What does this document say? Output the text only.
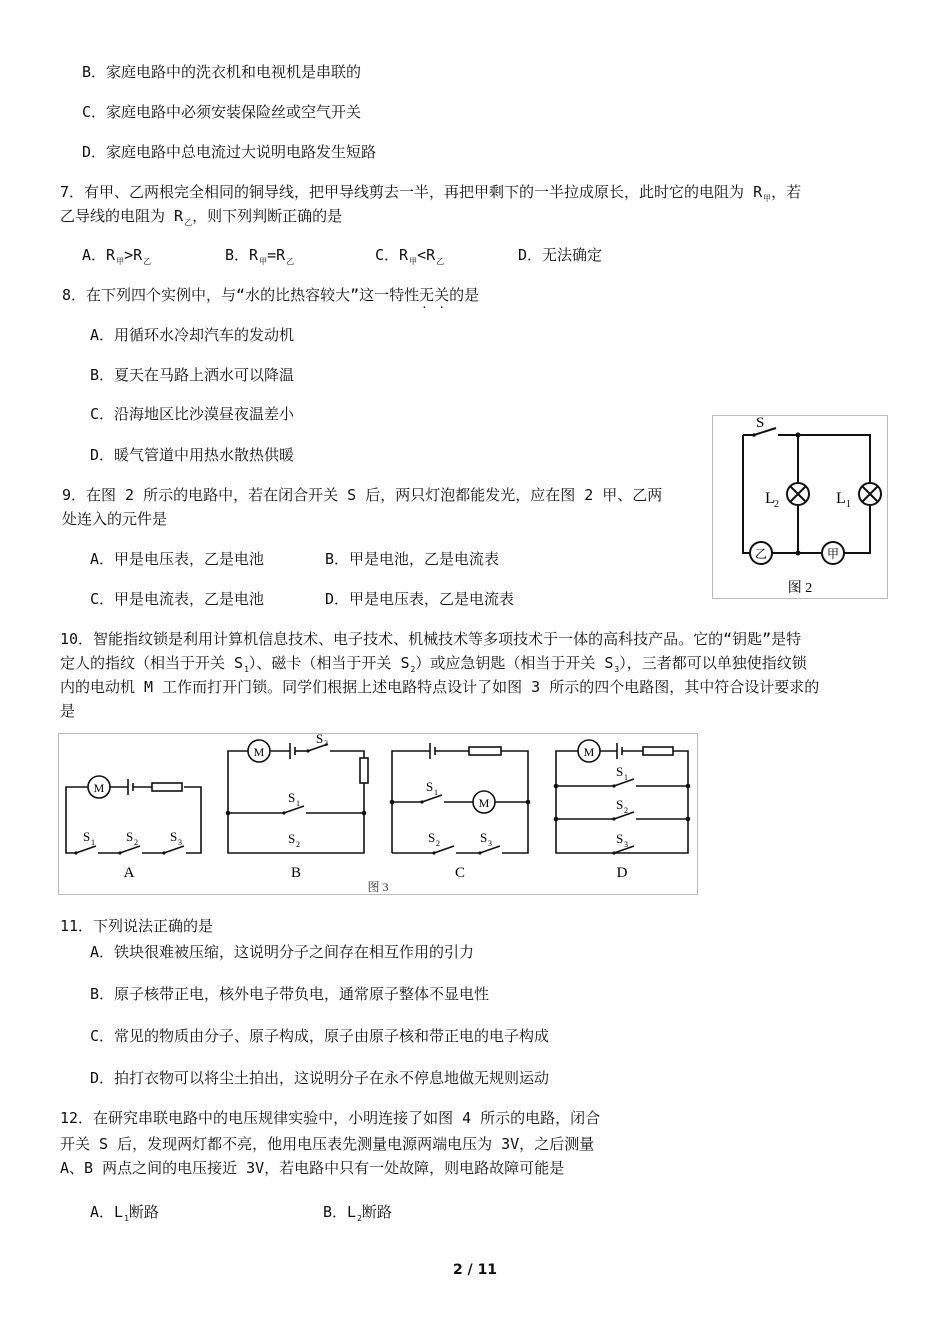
B．家庭电路中的洗衣机和电视机是串联的
C．家庭电路中必须安装保险丝或空气开关
D．家庭电路中总电流过大说明电路发生短路
7．有甲、乙两根完全相同的铜导线，把甲导线剪去一半，再把甲剩下的一半拉成原长，此时它的电阻为 $R_甲$，若
乙导线的电阻为 $R_乙$，则下列判断正确的是
A．$R_甲>R_乙$	B．$R_甲=R_乙$	C．$R_甲<R_乙$	D．无法确定
8．在下列四个实例中，与“水的比热容较大”这一特性无关 · ·的是
A．用循环水冷却汽车的发动机
B．夏天在马路上洒水可以降温
C．沿海地区比沙漠昼夜温差小
D．暖气管道中用热水散热供暖
9．在图 2 所示的电路中，若在闭合开关 S 后，两只灯泡都能发光，应在图 2 甲、乙两
处连入的元件是
A．甲是电压表，乙是电池	B．甲是电池，乙是电流表
C．甲是电流表，乙是电池	D．甲是电压表，乙是电流表
S
L 2	L 1
乙	甲
图 2
10．智能指纹锁是利用计算机信息技术、电子技术、机械技术等多项技术于一体的高科技产品。它的“钥匙”是特
定人的指纹（相当于开关 $S_1$）、磁卡（相当于开关 $S_2$）或应急钥匙（相当于开关 $S_3$），三者都可以单独使指纹锁
内的电动机 M 工作而打开门锁。同学们根据上述电路特点设计了如图 3 所示的四个电路图，其中符合设计要求的
是
M
M
M
M
S 1 S 2 S 3
S 3
S 1
S 2
S 1
S 2	S 3
S 1
S 2
S 3
A	B	C	D
图 3
11．下列说法正确的是
A．铁块很难被压缩，这说明分子之间存在相互作用的引力
B．原子核带正电，核外电子带负电，通常原子整体不显电性
C．常见的物质由分子、原子构成，原子由原子核和带正电的电子构成
D．拍打衣物可以将尘土拍出，这说明分子在永不停息地做无规则运动
12．在研究串联电路中的电压规律实验中，小明连接了如图 4 所示的电路，闭合
开关 S 后，发现两灯都不亮，他用电压表先测量电源两端电压为 3V，之后测量
A、B 两点之间的电压接近 3V，若电路中只有一处故障，则电路故障可能是
A．$L_1$断路	B．$L_2$断路
2 / 11
